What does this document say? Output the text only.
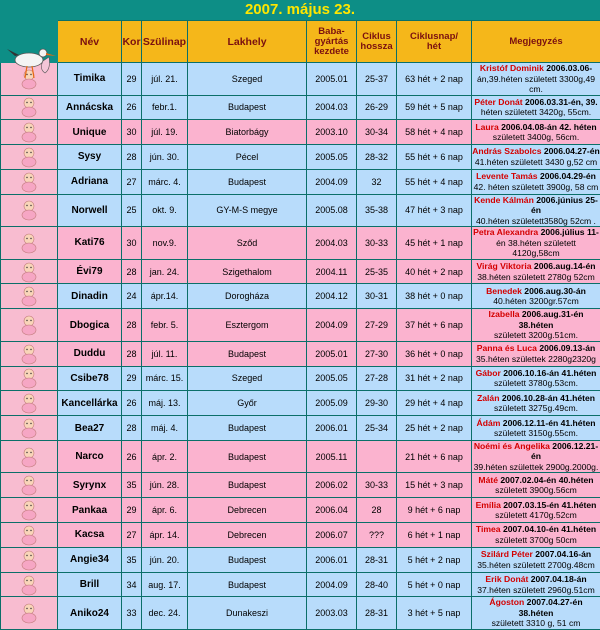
2007. május 23.
	Név	Kor	Szülinap	Lakhely	Baba-
gyártás
kezdete	Ciklus
hossza	Ciklusnap/
hét	Megjegyzés

	Timika	29	júl. 21.	Szeged	2005.01	25-37	63 hét + 2 nap	Kristóf Dominik 2006.03.06-
án,39.héten született 3300g,49 cm.

	Annácska	26	febr.1.	Budapest	2004.03	26-29	59 hét + 5 nap	Péter Donát 2006.03.31-én, 39.
héten született 3420g, 55cm.

	Unique	30	júl. 19.	Biatorbágy	2003.10	30-34	58 hét + 4 nap	Laura 2006.04.08-án 42. héten
született 3400g, 56cm.

	Sysy	28	jún. 30.	Pécel	2005.05	28-32	55 hét + 6 nap	András Szabolcs 2006.04.27-én
41.héten született 3430 g,52 cm

	Adriana	27	márc. 4.	Budapest	2004.09	32	55 hét + 4 nap	Levente Tamás 2006.04.29-én
42. héten született 3900g, 58 cm

	Norwell	25	okt. 9.	GY-M-S megye	2005.08	35-38	47 hét + 3 nap	Kende Kálmán 2006.június 25-én
40.héten született3580g 52cm .

	Kati76	30	nov.9.	Sződ	2004.03	30-33	45 hét + 1 nap	Petra Alexandra 2006.július 11-
én 38.héten született 4120g,58cm

	Évi79	28	jan. 24.	Szigethalom	2004.11	25-35	40 hét + 2 nap	Virág Viktoria 2006.aug.14-én
38.héten született 2780g 52cm

	Dinadin	24	ápr.14.	Dorogháza	2004.12	30-31	38 hét + 0 nap	Benedek 2006.aug.30-án
40.héten 3200gr.57cm

	Dbogica	28	febr. 5.	Esztergom	2004.09	27-29	37 hét + 6 nap	Izabella 2006.aug.31-én 38.héten
született 3200g.51cm.

	Duddu	28	júl. 11.	Budapest	2005.01	27-30	36 hét + 0 nap	Panna és Luca 2006.09.13-án
35.héten születtek 2280g2320g

	Csibe78	29	márc. 15.	Szeged	2005.05	27-28	31 hét + 2 nap	Gábor 2006.10.16-án 41.héten
született 3780g.53cm.

	Kancellárka	26	máj. 13.	Győr	2005.09	29-30	29 hét + 4 nap	Zalán 2006.10.28-án 41.héten
született 3275g.49cm.

	Bea27	28	máj. 4.	Budapest	2006.01	25-34	25 hét + 2 nap	Ádám 2006.12.11-én 41.héten
született 3150g.55cm.

	Narco	26	ápr. 2.	Budapest	2005.11		21 hét + 6 nap	Noémi és Angelika 2006.12.21-én
39.héten születtek 2900g.2000g.

	Syrynx	35	jún. 28.	Budapest	2006.02	30-33	15 hét + 3 nap	Máté 2007.02.04-én 40.héten
született 3900g.56cm

	Pankaa	29	ápr. 6.	Debrecen	2006.04	28	9 hét + 6 nap	Emília 2007.03.15-én 41.héten
született 4170g.52cm

	Kacsa	27	ápr. 14.	Debrecen	2006.07	???	6 hét + 1 nap	Timea 2007.04.10-én 41.héten
született 3700g 50cm

	Angie34	35	jún. 20.	Budapest	2006.01	28-31	5 hét + 2 nap	Szilárd Péter 2007.04.16-án
35.héten született 2700g.48cm

	Brill	34	aug. 17.	Budapest	2004.09	28-40	5 hét + 0 nap	Erik Donát 2007.04.18-án
37.héten született 2960g.51cm

	Aniko24	33	dec. 24.	Dunakeszi	2003.03	28-31	3 hét + 5 nap	Ágoston 2007.04.27-én 38.héten
született 3310 g, 51 cm
